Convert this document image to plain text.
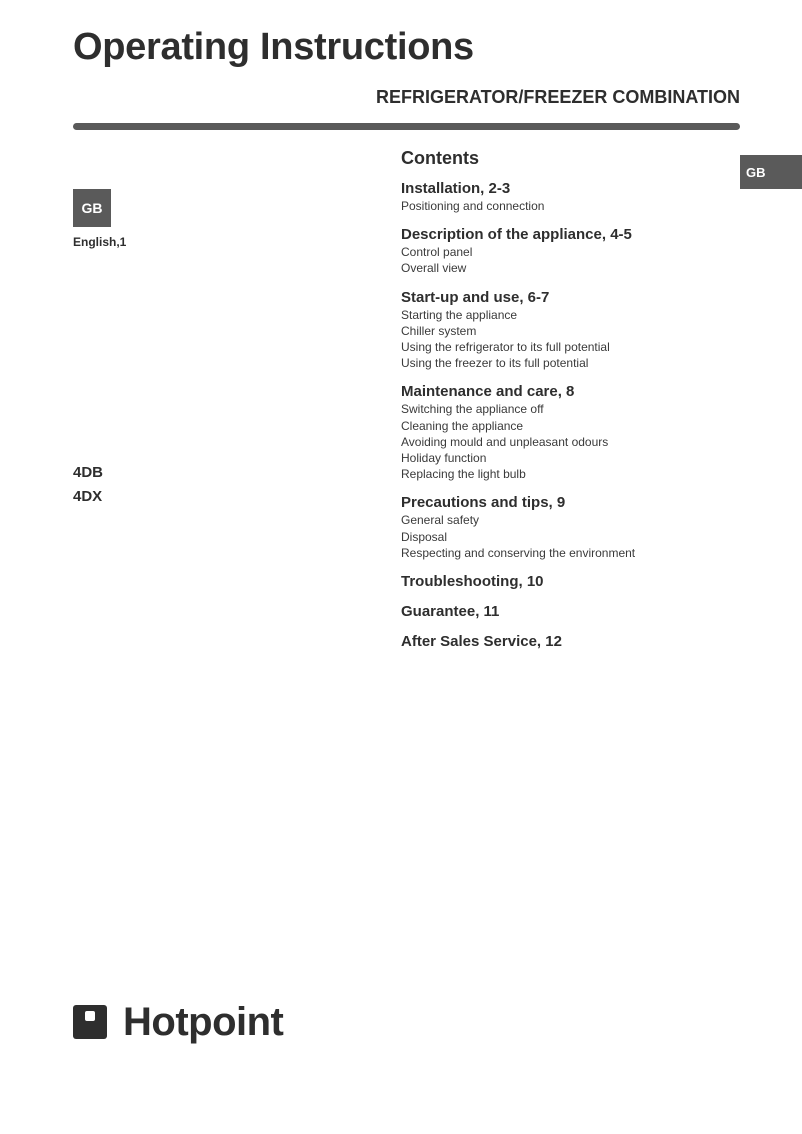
Operating Instructions
REFRIGERATOR/FREEZER COMBINATION
GB
GB
English,1
4DB
4DX
Contents
Installation, 2-3
Positioning and connection
Description of the appliance, 4-5
Control panel
Overall view
Start-up and use, 6-7
Starting the appliance
Chiller system
Using the refrigerator to its full potential
Using the freezer to its full potential
Maintenance and care, 8
Switching the appliance off
Cleaning the appliance
Avoiding mould and unpleasant odours
Holiday function
Replacing the light bulb
Precautions and tips, 9
General safety
Disposal
Respecting and conserving the environment
Troubleshooting, 10
Guarantee, 11
After Sales Service, 12
Hotpoint
